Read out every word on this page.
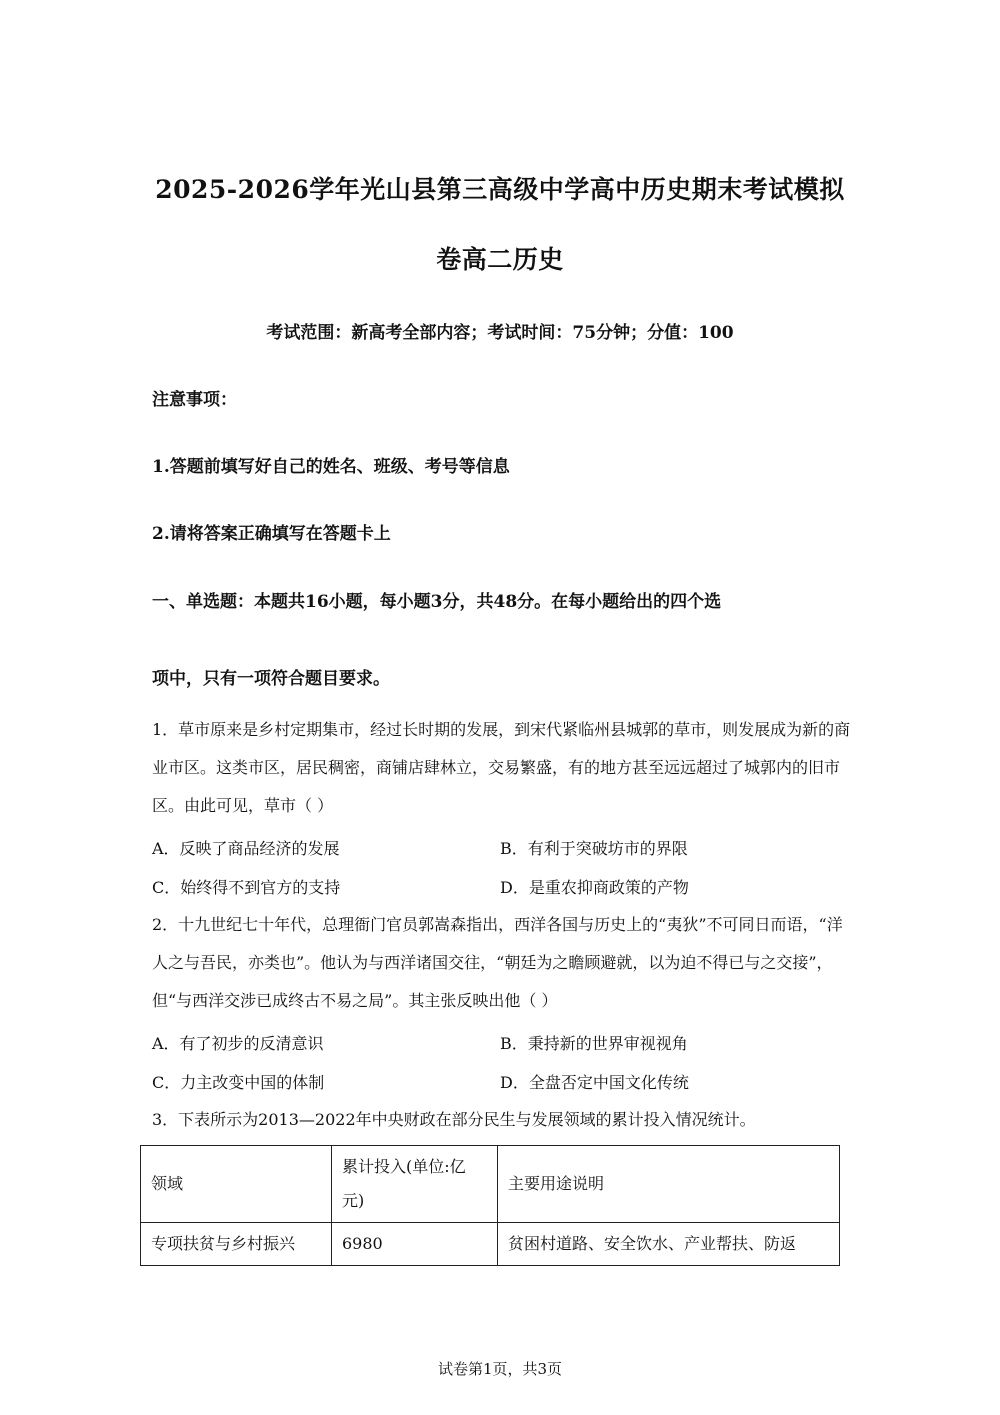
2025-2026学年光山县第三高级中学高中历史期末考试模拟
卷高二历史
考试范围：新高考全部内容；考试时间：75分钟；分值：100
注意事项：
1.答题前填写好自己的姓名、班级、考号等信息
2.请将答案正确填写在答题卡上
一、单选题：本题共16小题，每小题3分，共48分。在每小题给出的四个选
项中，只有一项符合题目要求。
1．草市原来是乡村定期集市，经过长时期的发展，到宋代紧临州县城郭的草市，则发展成为新的商业市区。这类市区，居民稠密，商铺店肆林立，交易繁盛，有的地方甚至远远超过了城郭内的旧市区。由此可见，草市（ ）
A．反映了商品经济的发展	B．有利于突破坊市的界限
C．始终得不到官方的支持	D．是重农抑商政策的产物
2．十九世纪七十年代，总理衙门官员郭嵩森指出，西洋各国与历史上的“夷狄”不可同日而语，“洋人之与吾民，亦类也”。他认为与西洋诸国交往，“朝廷为之瞻顾避就，以为迫不得已与之交接”，但“与西洋交涉已成终古不易之局”。其主张反映出他（ ）
A．有了初步的反清意识	B．秉持新的世界审视视角
C．力主改变中国的体制	D．全盘否定中国文化传统
3．下表所示为2013—2022年中央财政在部分民生与发展领域的累计投入情况统计。
领域	累计投入(单位:亿元)	主要用途说明
专项扶贫与乡村振兴	6980	贫困村道路、安全饮水、产业帮扶、防返
试卷第1页，共3页
